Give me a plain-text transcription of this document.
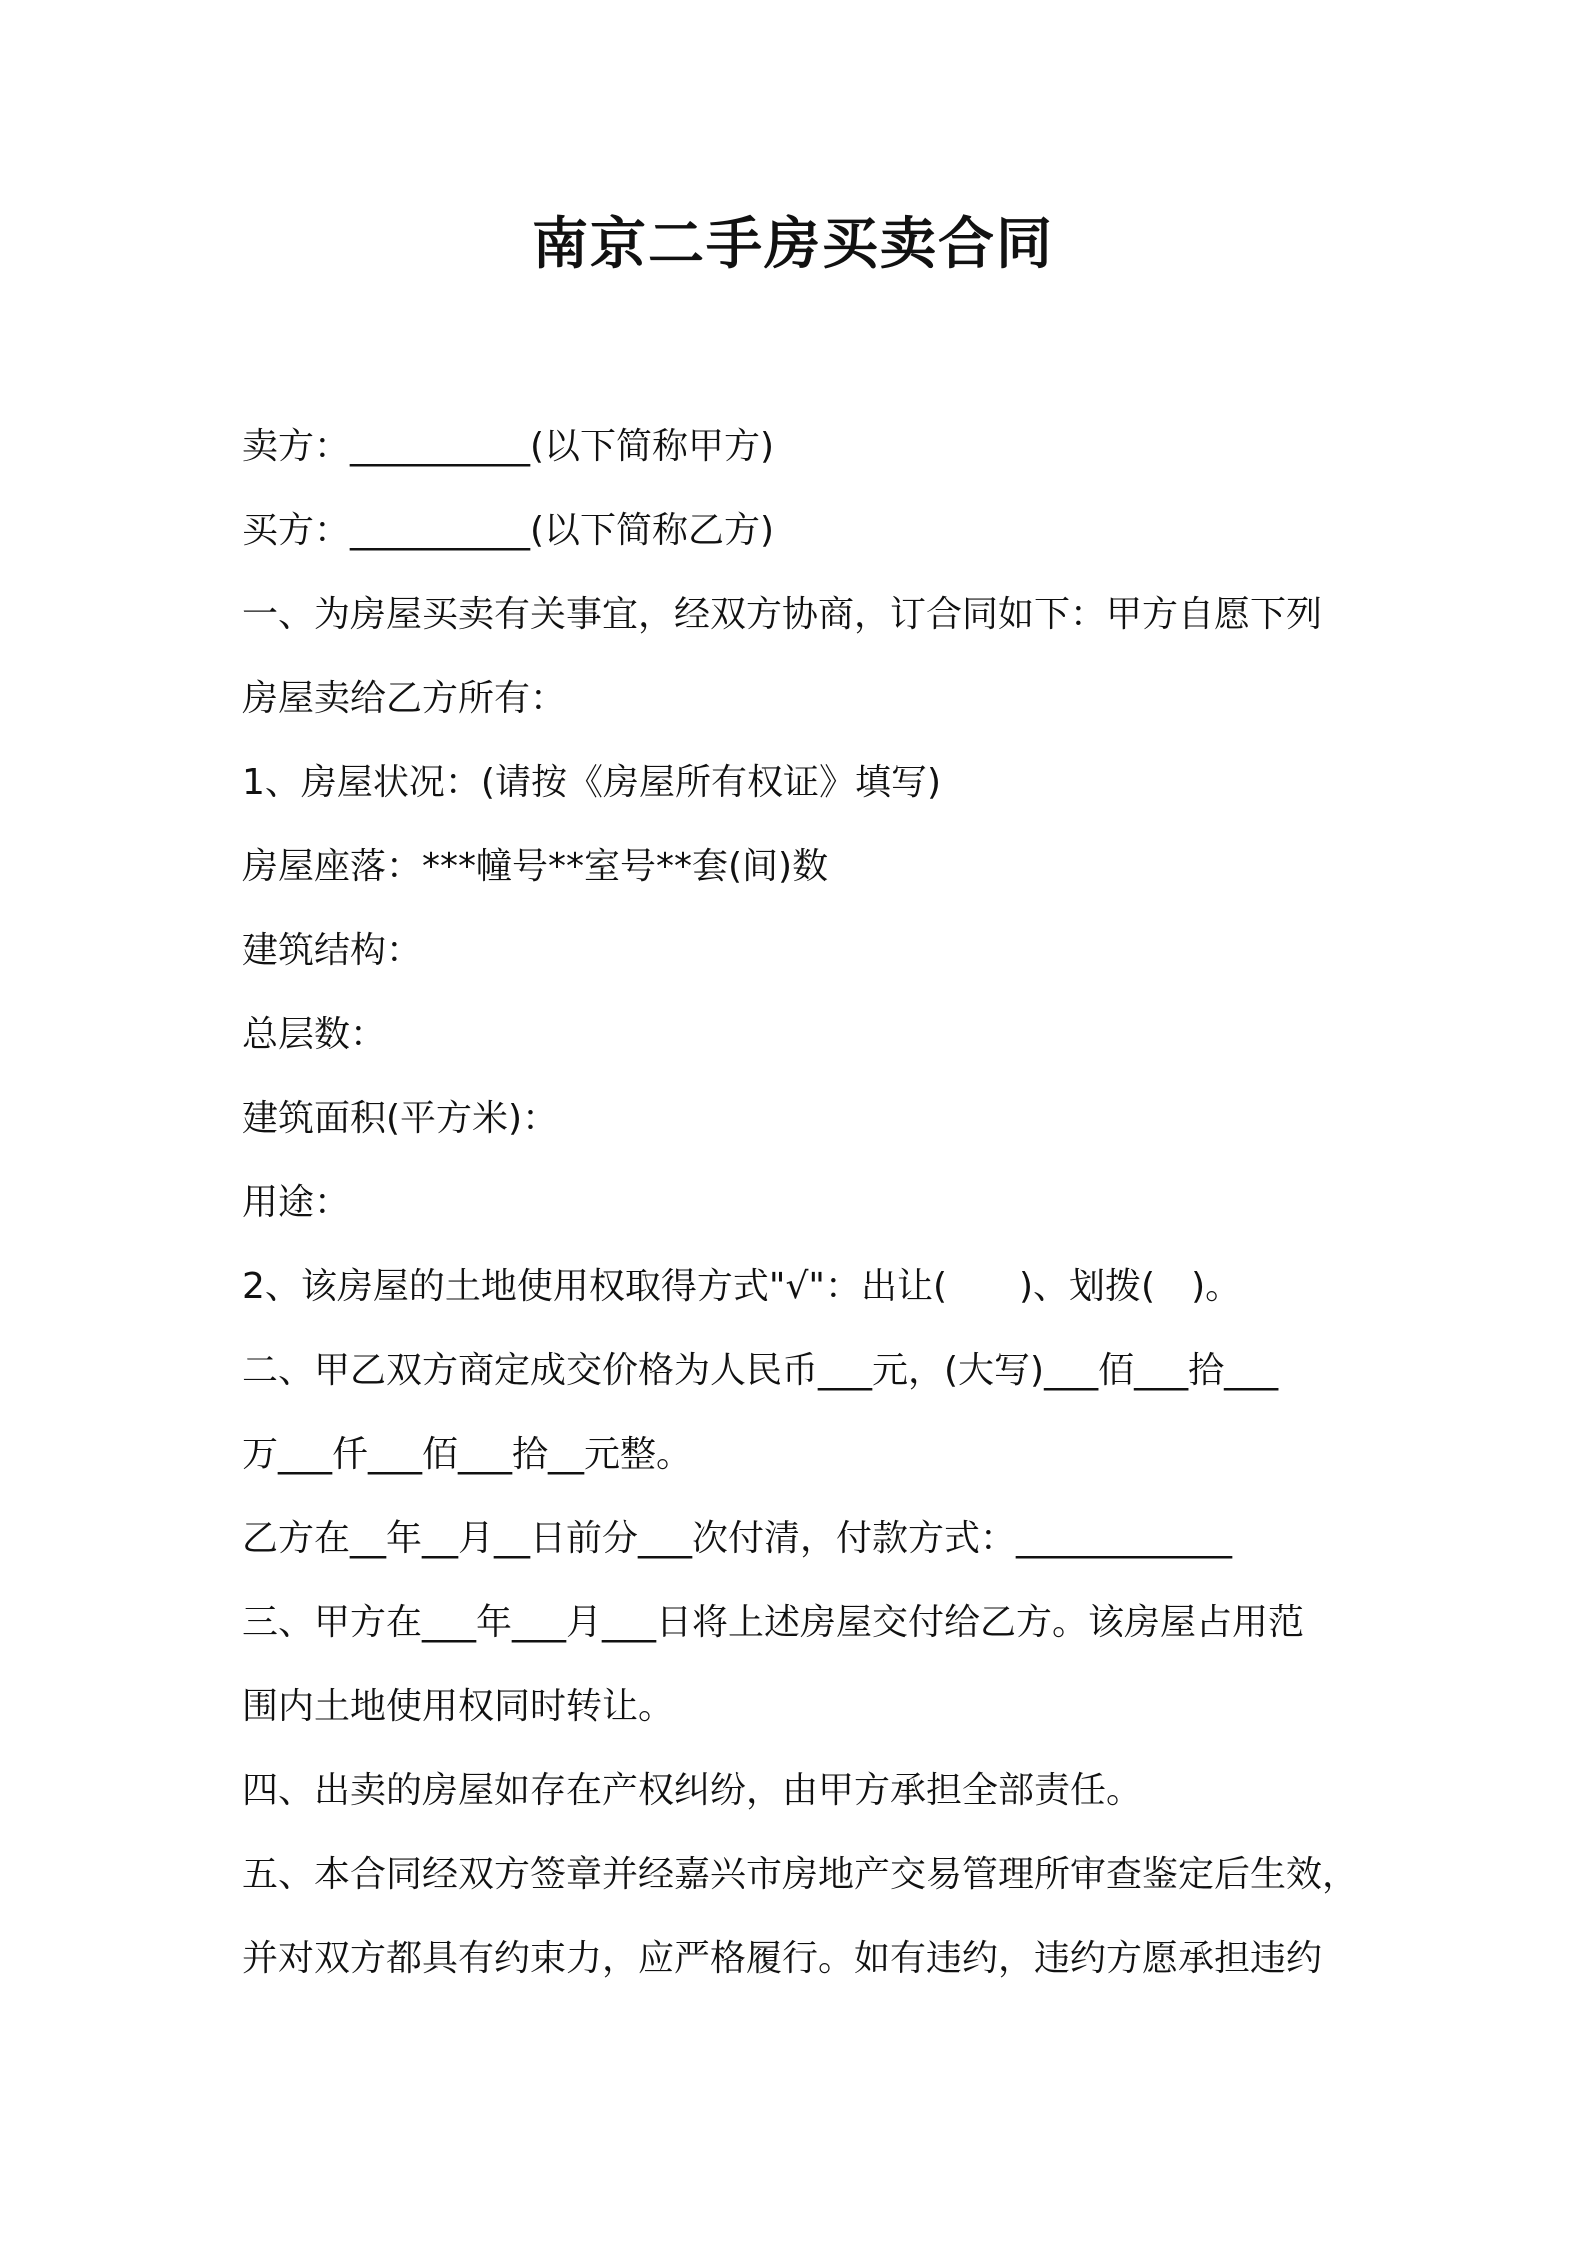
南京二手房买卖合同

卖方：__________(以下简称甲方)

买方：__________(以下简称乙方)

一、为房屋买卖有关事宜，经双方协商，订合同如下：甲方自愿下列

房屋卖给乙方所有：

1、房屋状况：(请按《房屋所有权证》填写)

房屋座落：***幢号**室号**套(间)数

建筑结构：

总层数：

建筑面积(平方米)：

用途：

2、该房屋的土地使用权取得方式"√"：出让(　　)、划拨(　)。

二、甲乙双方商定成交价格为人民币___元，(大写)___佰___拾___

万___仟___佰___拾__元整。

乙方在__年__月__日前分___次付清，付款方式：____________

三、甲方在___年___月___日将上述房屋交付给乙方。该房屋占用范

围内土地使用权同时转让。

四、出卖的房屋如存在产权纠纷，由甲方承担全部责任。

五、本合同经双方签章并经嘉兴市房地产交易管理所审查鉴定后生效，

并对双方都具有约束力，应严格履行。如有违约，违约方愿承担违约
